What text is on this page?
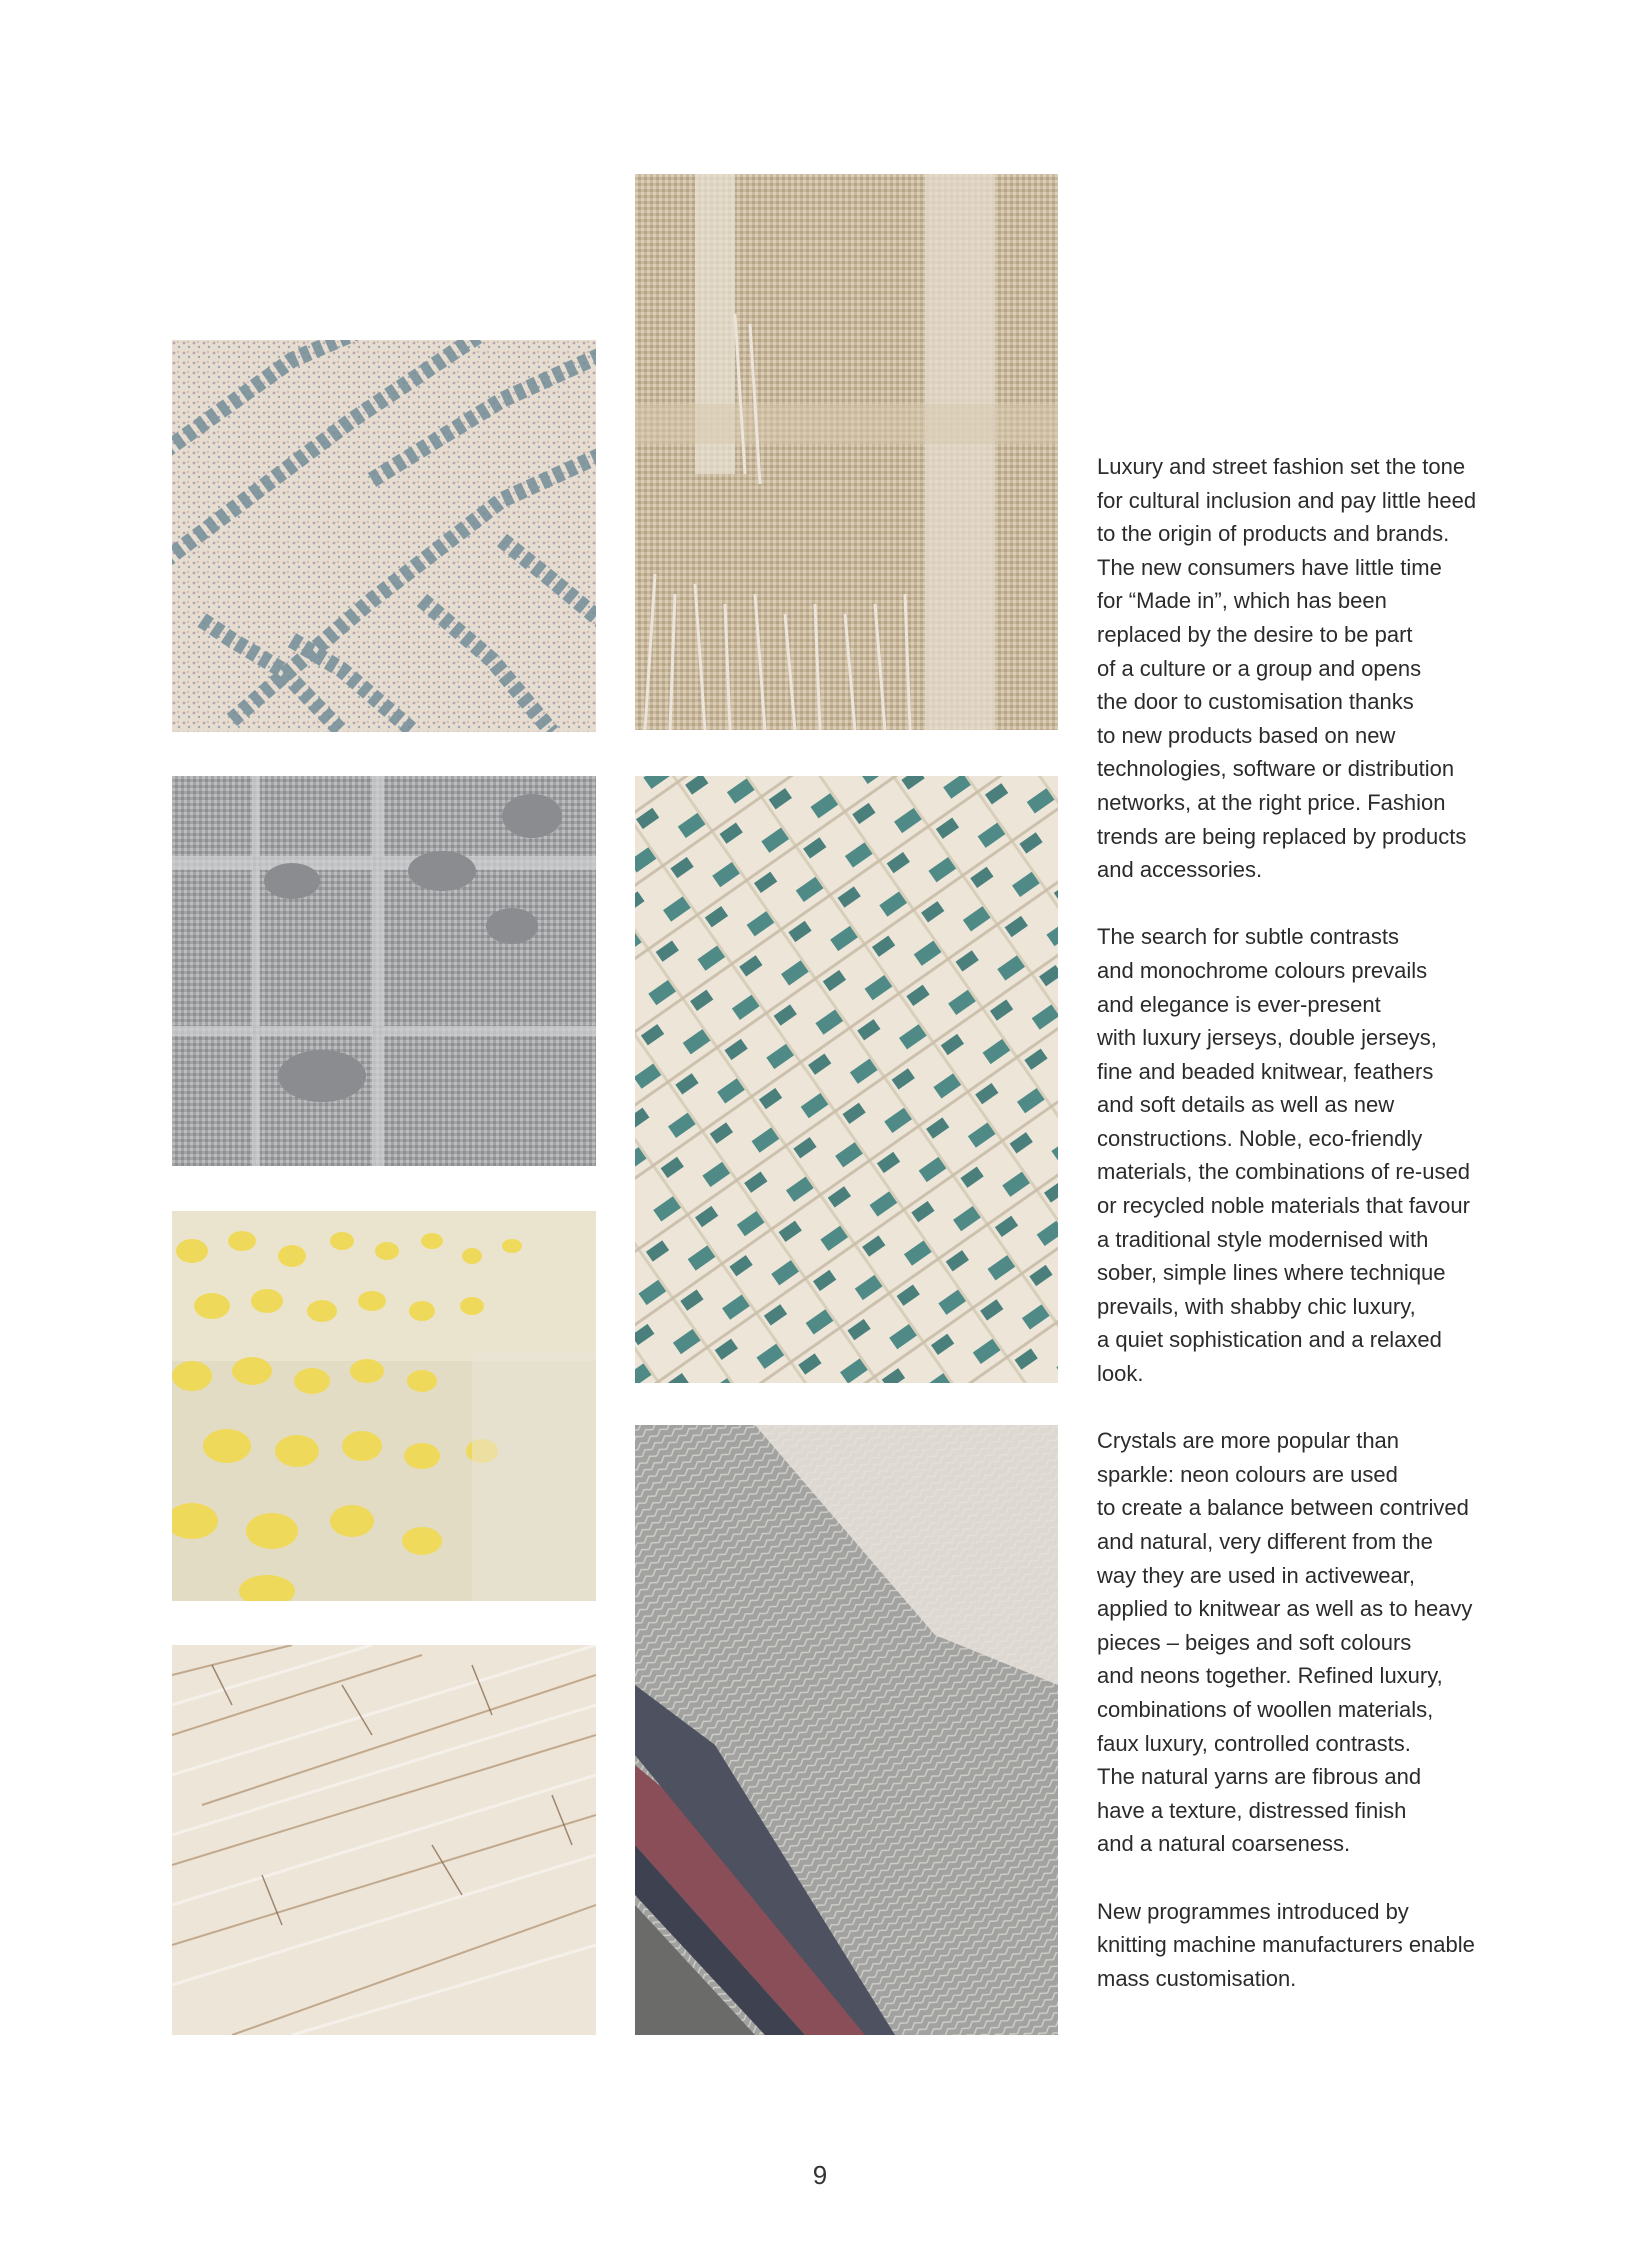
Luxury and street fashion set the tone
for cultural inclusion and pay little heed
to the origin of products and brands.
The new consumers have little time
for “Made in”, which has been
replaced by the desire to be part
of a culture or a group and opens
the door to customisation thanks
to new products based on new
technologies, software or distribution
networks, at the right price. Fashion
trends are being replaced by products
and accessories.

The search for subtle contrasts
and monochrome colours prevails
and elegance is ever-present
with luxury jerseys, double jerseys,
fine and beaded knitwear, feathers
and soft details as well as new
constructions. Noble, eco-friendly
materials, the combinations of re-used
or recycled noble materials that favour
a traditional style modernised with
sober, simple lines where technique
prevails, with shabby chic luxury,
a quiet sophistication and a relaxed
look.

Crystals are more popular than
sparkle: neon colours are used
to create a balance between contrived
and natural, very different from the
way they are used in activewear,
applied to knitwear as well as to heavy
pieces – beiges and soft colours
and neons together. Refined luxury,
combinations of woollen materials,
faux luxury, controlled contrasts.
The natural yarns are fibrous and
have a texture, distressed finish
and a natural coarseness.

New programmes introduced by
knitting machine manufacturers enable
mass customisation.

9
